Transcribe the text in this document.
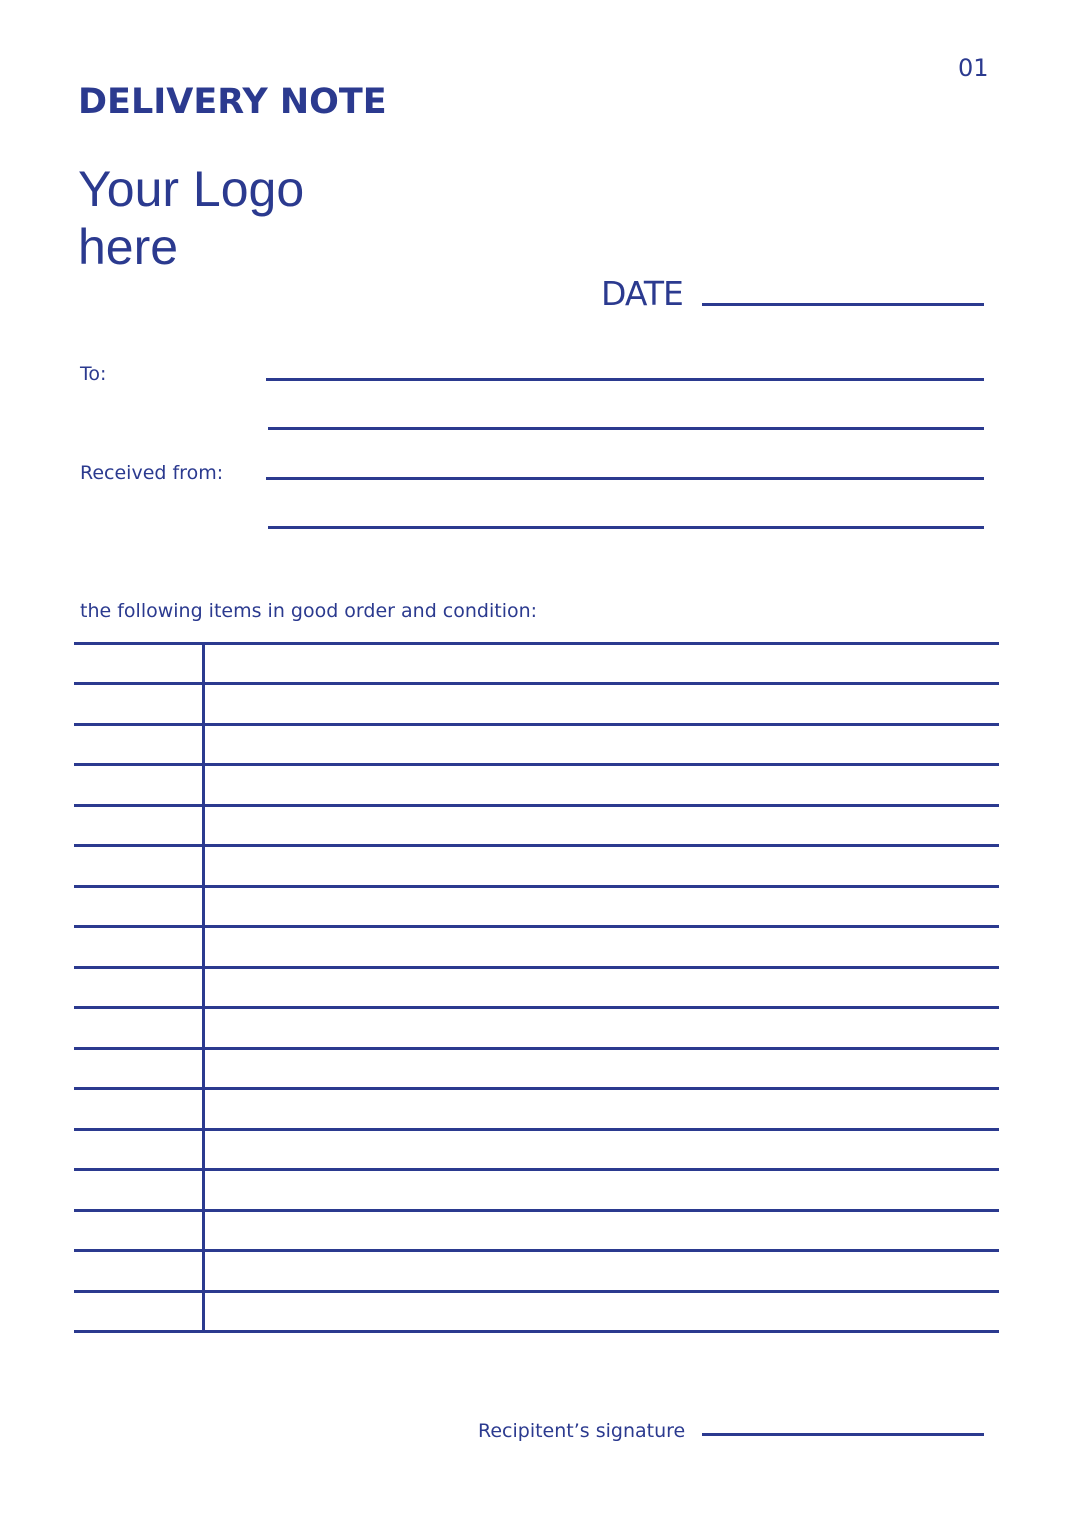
01
DELIVERY NOTE
Your Logo here
DATE
To:
Received from:
the following items in good order and condition:
Recipitent’s signature
